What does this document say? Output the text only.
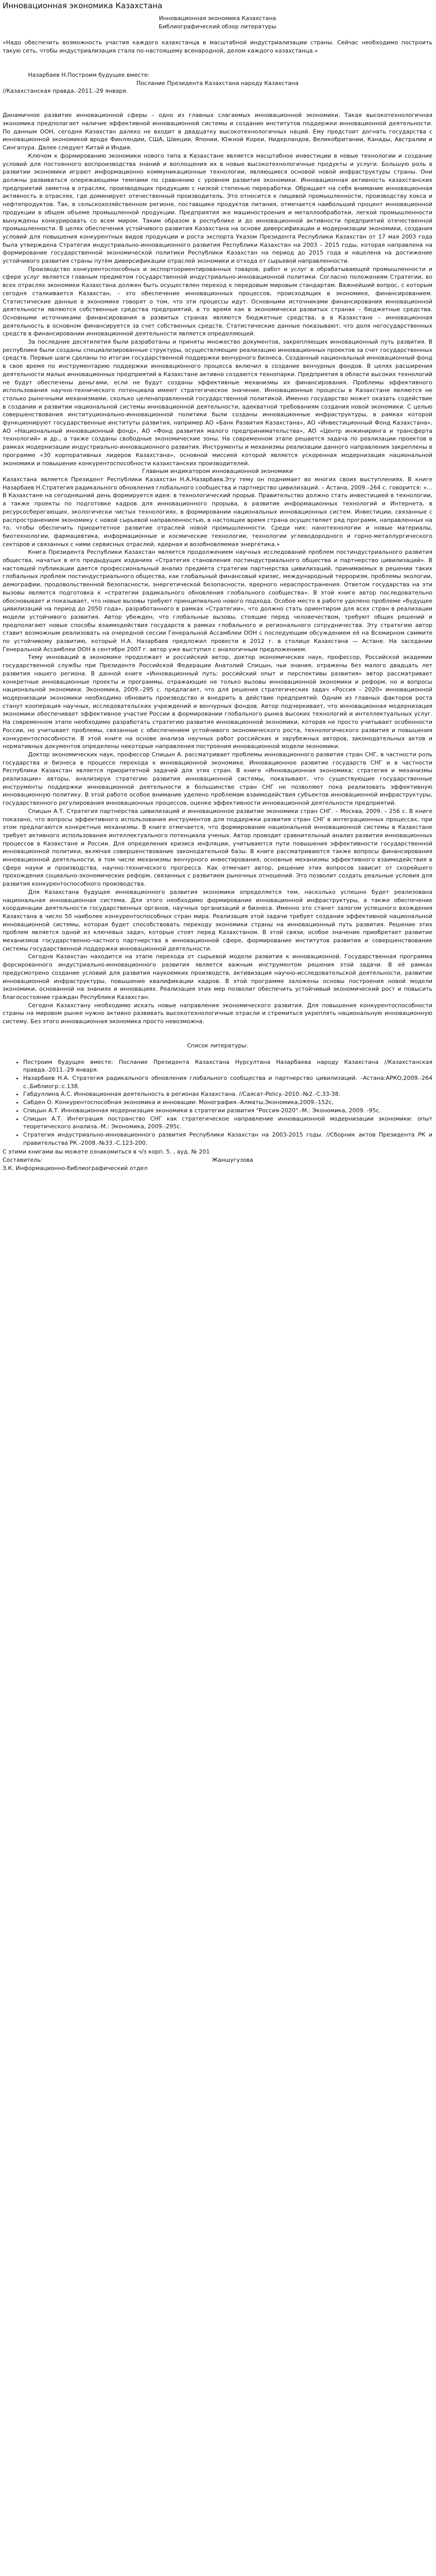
Инновационная экономика Казахстана

Инновационная экономика Казахстана

Библиографический обзор литературы

«Надо обеспечить возможность участия каждого казахстанца в масштабной индустриализации страны. Сейчас необходимо построить такую сеть, чтобы индустриализация стала по-настоящему всенародной, делом каждого казахстанца.»

Назарбаев Н.Построим будущее вместе:

Послание Президента Казахстана народу Казахстана

//Казахстанская правда.-2011.-29 января.

Динамичное развитие инновационной сферы – одно из главных слагаемых инновационной экономики. Такая высокотехнологичная экономика предполагает наличие эффективной инновационной системы и создание институтов поддержки инновационной деятельности. По данным ООН, сегодня Казахстан далеко не входит в двадцатку высокотехнологичных наций. Ему предстоит догнать государства с инновационной экономикой вроде Финляндии, США, Швеции, Японии, Южной Кореи, Нидерландов, Великобритании, Канады, Австралии и Сингапура. Далее следуют Китай и Индия.

Ключом к формированию экономики нового типа в Казахстане является масштабное инвестиции в новые технологии и создание условий для постоянного воспроизводства знаний и воплощения их в новые высокотехнологичные продукты и услуги. Большую роль в развитии экономики играют информационно коммуникационные технологии, являющиеся основой новой инфраструктуры страны. Они должны развиваться опережающими темпами по сравнению с уровнем развития экономики. Инновационная активность казахстанских предприятий заметна в отраслях, производящих продукцию с низкой степенью переработки. Обращает на себя внимание инновационная активность в отраслях, где доминирует отечественный производитель. Это относится к пищевой промышленности, производству кокса и нефтепродуктов. Так, в сельскохозяйственном регионе, поставщике продуктов питания, отмечается наибольший процент инновационной продукции в общем объеме промышленной продукции. Предприятия же машиностроения и металлообработки, легкой промышленности вынуждены конкурировать со всем миром. Таким образом в республике и до инновационной активности предприятий отечественной промышленности. В целях обеспечения устойчивого развития Казахстана на основе диверсификации и модернизации экономики, создания условий для повышения конкурентных видов продукции и роста экспорта Указом Президента Республики Казахстан от 17 мая 2003 года была утверждена Стратегия индустриально-инновационного развития Республики Казахстан на 2003 – 2015 годы, которая направлена на формирование государственной экономической политики Республики Казахстан на период до 2015 года и нацелена на достижение устойчивого развития страны путём диверсификации отраслей экономики и отхода от сырьевой направленности.

Производство конкурентоспособных и экспортоориентированных товаров, работ и услуг в обрабатывающей промышленности и сфере услуг является главным предметом государственной индустриально-инновационной политики. Согласно положениям Стратегии, во всех отраслях экономики Казахстана должен быть осуществлен переход к передовым мировым стандартам. Важнейший вопрос, с которым сегодня сталкивается Казахстан, – это обеспечение инновационных процессов, происходящих в экономике, финансированием. Статистические данные в экономике говорят о том, что эти процессы идут. Основными источниками финансирования инновационной деятельности являются собственные средства предприятий, в то время как в экономически развитых странах – бюджетные средства. Основными источниками финансирования в развитых странах являются бюджетные средства, а в Казахстане – инновационная деятельность в основном финансируется за счет собственных средств. Статистические данные показывают, что доля негосударственных средств в финансировании инновационной деятельности является определяющей.

За последние десятилетия были разработаны и приняты множество документов, закрепляющих инновационный путь развития. В республике были созданы специализированные структуры, осуществляющие реализацию инновационных проектов за счет государственных средств. Первые шаги сделаны по итогам государственной поддержки венчурного бизнеса. Созданный национальный инновационный фонд в свое время по инструментарию поддержки инновационного процесса включил в создание венчурных фондов. В целях расширения деятельности малых инновационных предприятий в Казахстане активно создаются технопарки. Предприятия в области высоких технологий не будут обеспечены деньгами, если не будут созданы эффективные механизмы их финансирования. Проблемы эффективного использования научно-технического потенциала имеют стратегическое значение. Инновационные процессы в Казахстане являются не столько рыночными механизмами, сколько целенаправленной государственной политикой. Именно государство может оказать содействие в создании и развитии национальной системы инновационной деятельности, адекватной требованиям создания новой экономики. С целью совершенствования институционально-инновационной политики были созданы инновационные инфраструктуры, в рамках которой функционируют государственные институты развития, например АО «Банк Развития Казахстана», АО «Инвестиционный Фонд Казахстана», АО «Национальный инновационный фонд», АО «Фонд развития малого предпринимательства», АО «Центр инжиниринга и трансферта технологий» и др., а также созданы свободные экономические зоны. На современном этапе решается задача по реализации проектов в рамках модернизации индустриально-инновационного развития. Инструменты и механизмы реализации данного направления закреплены в программе «30 корпоративных лидеров Казахстана», основной миссией которой является ускоренная модернизация национальной экономики и повышение конкурентоспособности казахстанских производителей.

Главным индикатором инновационной экономики

Казахстана является Президент Республики Казахстан Н.А.Назарбаев.Эту тему он поднимает во многих своих выступлениях. В книге Назарбаев Н.Стратегия радикального обновления глобального сообщества и партнерство цивилизаций. – Астана, 2009.–264 с. говорится: «…В Казахстане на сегодняшний день формируется идея: в технологический прорыв. Правительство должно стать инвестицией в технологии, а также проекты по подготовке кадров для инновационного прорыва, в развитие информационных технологий и Интернета, в ресурсосберегающих, экологически чистых технологиях, в формировании национальных инновационных систем. Инвестиции, связанные с распространением экономику с новой сырьевой направленностью, в настоящее время страна осуществляет ряд программ, направленных на то, чтобы обеспечить приоритетное развитие отраслей новой промышленности. Среди них: нанотехнологии и новые материалы, биотехнологии, фармацевтика, информационные и космические технологии, технологии углеводородного и горно-металлургического секторов и связанных с ними сервисных отраслей, ядерная и возобновляемая энергетика.»

Книга Президента Республики Казахстан является продолжением научных исследований проблем постиндустриального развития общества, начатых в его предыдущих изданиях «Стратегия становления постиндустриального общества и партнерство цивилизаций». В настоящей публикации дается профессиональный анализ предмета стратегии партнерства цивилизаций, принимаемых в решении таких глобальных проблем постиндустриального общества, как глобальный финансовый кризис, международный терроризм, проблемы экологии, демографии, продовольственной безопасности, энергетической безопасности, ядерного нераспространения. Ответом государства на эти вызовы является подготовка к «стратегии радикального обновления глобального сообщества». В этой книге автор последовательно обосновывает и показывает, что новые вызовы требуют принципиально нового подхода. Особое место в работе уделено проблеме «будущее цивилизаций на период до 2050 года», разработанного в рамках «Стратегии», что должно стать ориентиром для всех стран в реализации модели устойчивого развития. Автор убежден, что глобальные вызовы, стоящие перед человечеством, требуют общих решений и предполагают новые способы взаимодействия государств в рамках глобального и регионального сотрудничества. Эту стратегию автор ставит возможным реализовать на очередной сессии Генеральной Ассамблеи ООН с последующим обсуждением её на Всемирном саммите по устойчивому развитию, который Н.А. Назарбаев предложил провести в 2012 г. в столице Казахстана — Астане. На заседании Генеральной Ассамблеи ООН в сентябре 2007 г. автор уже выступил с аналогичным предложением.

Тему инноваций в экономике продолжает и российский автор, доктор экономических наук, профессор, Российской академии государственной службы при Президенте Российской Федерации Анатолий Спицын, чьи знания, отражены без малого двадцать лет развития нашего региона. В данной книге «Инновационный путь: российский опыт и перспективы развития» автор рассматривает конкретные инновационные проекты и программы, отражающие не только вызовы инновационной экономики и реформ, но и вопросы национальной экономики. Экономика, 2009.–295 с. предлагает, что для решения стратегических задач «Россия – 2020» инновационной модернизации экономики необходимо обновить производство и внедрить в действие предприятий. Одним из главных факторов роста станут кооперация научных, исследовательских учреждений и венчурных фондов. Автор подчеркивает, что инновационная модернизация экономики обеспечивает эффективное участие России в формировании глобального рынка высоких технологий и интеллектуальных услуг. На современном этапе необходимо разработать стратегию развития инновационной экономики, которая не просто учитывает особенности России, но учитывает проблемы, связанные с обеспечением устойчивого экономического роста, технологического развития и повышения конкурентоспособности. В этой книге на основе анализа научных работ российских и зарубежных авторов, законодательных актов и нормативных документов определены некоторые направления построения инновационной модели экономики.

Доктор экономических наук, профессор Спицын А. рассматривает проблемы инновационного развития стран СНГ, в частности роль государства и бизнеса в процессе перехода к инновационной экономике. Инновационное развитие государств СНГ и в частности Республики Казахстан является приоритетной задачей для этих стран. В книге «Инновационная экономика: стратегия и механизмы реализации» авторы, анализируя стратегию развития инновационной системы, показывают, что существующие государственные инструменты поддержки инновационной деятельности в большинстве стран СНГ не позволяют пока реализовать эффективную инновационную политику. В этой работе особое внимание уделено проблемам взаимодействия субъектов инновационной инфраструктуры, государственного регулирования инновационных процессов, оценке эффективности инновационной деятельности предприятий.

Спицын А.Т. Стратегия партнерства цивилизаций и инновационное развитие экономики стран СНГ. – Москва, 2009. – 256 с. В книге показано, что вопросы эффективного использования инструментов для поддержки развития стран СНГ в интеграционных процессах, при этом предлагаются конкретные механизмы. В книге отмечается, что формирование национальной инновационной системы в Казахстане требует активного использования интеллектуального потенциала ученых. Автор проводит сравнительный анализ развития инновационных процессов в Казахстане и России. Для определения кризиса инфляции, учитываются пути повышения эффективности государственной инновационной политики, включая совершенствование законодательной базы. В книге рассматриваются также вопросы финансирования инновационной деятельности, в том числе механизмы венчурного инвестирования, основные механизмы эффективного взаимодействия в сфере науки и производства, научно-технического прогресса. Как отмечает автор, решение этих вопросов зависит от скорейшего прохождения социально-экономических реформ, связанных с развитием рыночных отношений. Это позволит создать реальные условия для развития конкурентоспособного производства.

Для Казахстана будущее инновационного развития экономики определяется тем, насколько успешно будет реализована национальная инновационная система. Для этого необходимо формирование инновационной инфраструктуры, а также обеспечение координации деятельности государственных органов, научных организаций и бизнеса. Именно это станет залогом успешного вхождения Казахстана в число 50 наиболее конкурентоспособных стран мира. Реализация этой задачи требует создания эффективной национальной инновационной системы, которая будет способствовать переходу экономики страны на инновационный путь развития. Решение этих проблем является одной из ключевых задач, которые стоят перед Казахстаном. В этой связи, особое значение приобретает развитие механизмов государственно-частного партнерства в инновационной сфере, формирование институтов развития и совершенствование системы государственной поддержки инновационной деятельности.

Сегодня Казахстан находится на этапе перехода от сырьевой модели развития к инновационной. Государственная программа форсированного индустриально-инновационного развития является важным инструментом решения этой задачи. В её рамках предусмотрено создание условий для развития наукоемких производств, активизация научно-исследовательской деятельности, развитие инновационной инфраструктуры, повышение квалификации кадров. В этой программе заложены основы построения новой модели экономики, основанной на знаниях и инновациях. Реализация этих мер позволит обеспечить устойчивый экономический рост и повысить благосостояние граждан Республики Казахстан.

Сегодня Казахстану необходимо искать новые направления экономического развития. Для повышения конкурентоспособности страны на мировом рынке нужно активно развивать высокотехнологичные отрасли и стремиться укреплять национальную инновационную систему. Без этого инновационная экономика просто невозможна.

Список литературы:

• Построим будущее вместе: Послание Президента Казахстана Нурсултана Назарбаева народу Казахстана //Казахстанская правда.-2011.-29 января.
• Назарбаев Н.А. Стратегия радикального обновления глобального сообщества и партнерство цивилизаций. –Астана:АРКО,2009.-264 с.,Библиогр.:с.138.
• Габдуллина А.С. Инновационная деятельность в регионах Казахстана. //Саясат-Policy.-2010.-№2.-С.33-38.
• Сабден О. Конкурентоспособная экономика и инновации: Монография.-Алматы,Экономика,2009.-152с.
• Спицын А.Т. Инновационная модернизация экономики в стратегии развития "Россия-2020".-М.: Экономика, 2009. -95с.
• Спицын А.Т. Интеграция постранство СНГ как стратегическое направление инновационной модернизации экономики: опыт теоретического анализа.-М.: Экономика, 2009.-295с.
• Стратегия индустриально-инновационного развития Республики Казахстан на 2003-2015 годы. //Сборник актов Президента РК и правительства РК.-2008.-№33.-С.123-200.
С этими книгами вы можете ознакомиться в ч/з корп. 5. , ауд. № 201
Составитель:	Жаншугузова
З.К. Информационно-библиографический отдел
